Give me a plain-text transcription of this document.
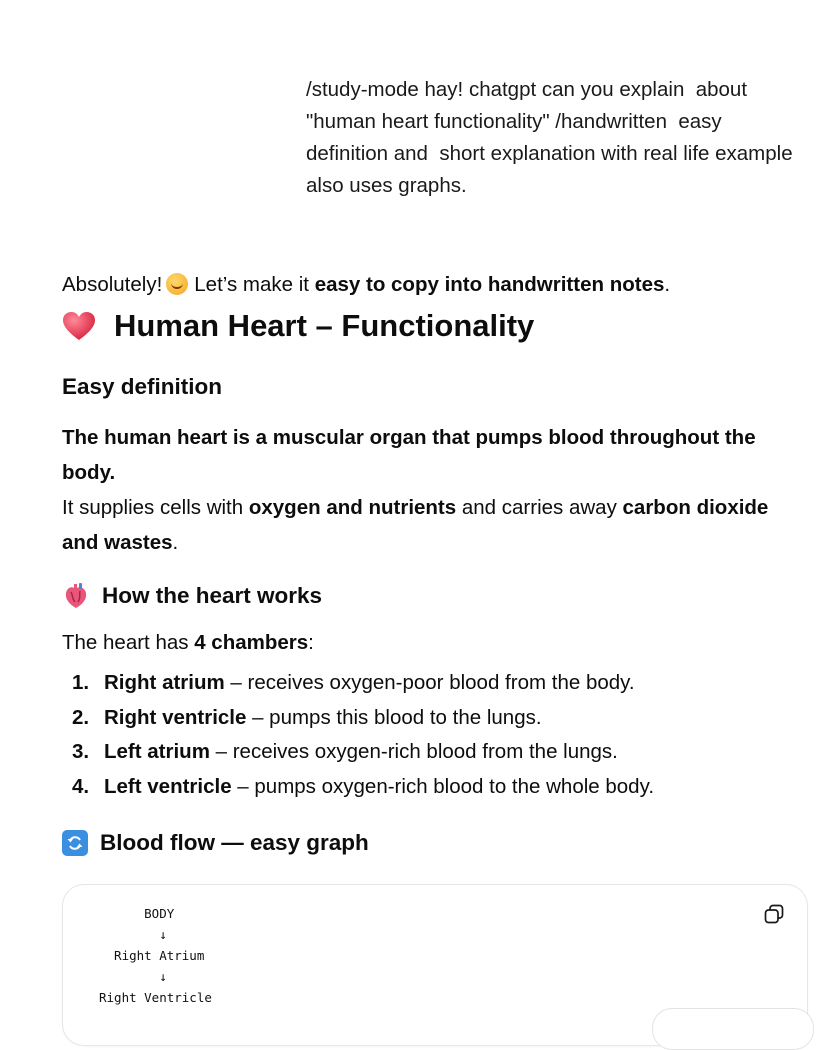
/study-mode hay! chatgpt can you explain  about "human heart functionality" /handwritten  easy definition and  short explanation with real life example also uses graphs.
Absolutely! Let’s make it easy to copy into handwritten notes.
Human Heart – Functionality
Easy definition
The human heart is a muscular organ that pumps blood throughout the body.
It supplies cells with oxygen and nutrients and carries away carbon dioxide and wastes.
How the heart works
The heart has 4 chambers:
1. Right atrium – receives oxygen-poor blood from the body.
2. Right ventricle – pumps this blood to the lungs.
3. Left atrium – receives oxygen-rich blood from the lungs.
4. Left ventricle – pumps oxygen-rich blood to the whole body.
Blood flow — easy graph
BODY
↓
Right Atrium
↓
Right Ventricle
